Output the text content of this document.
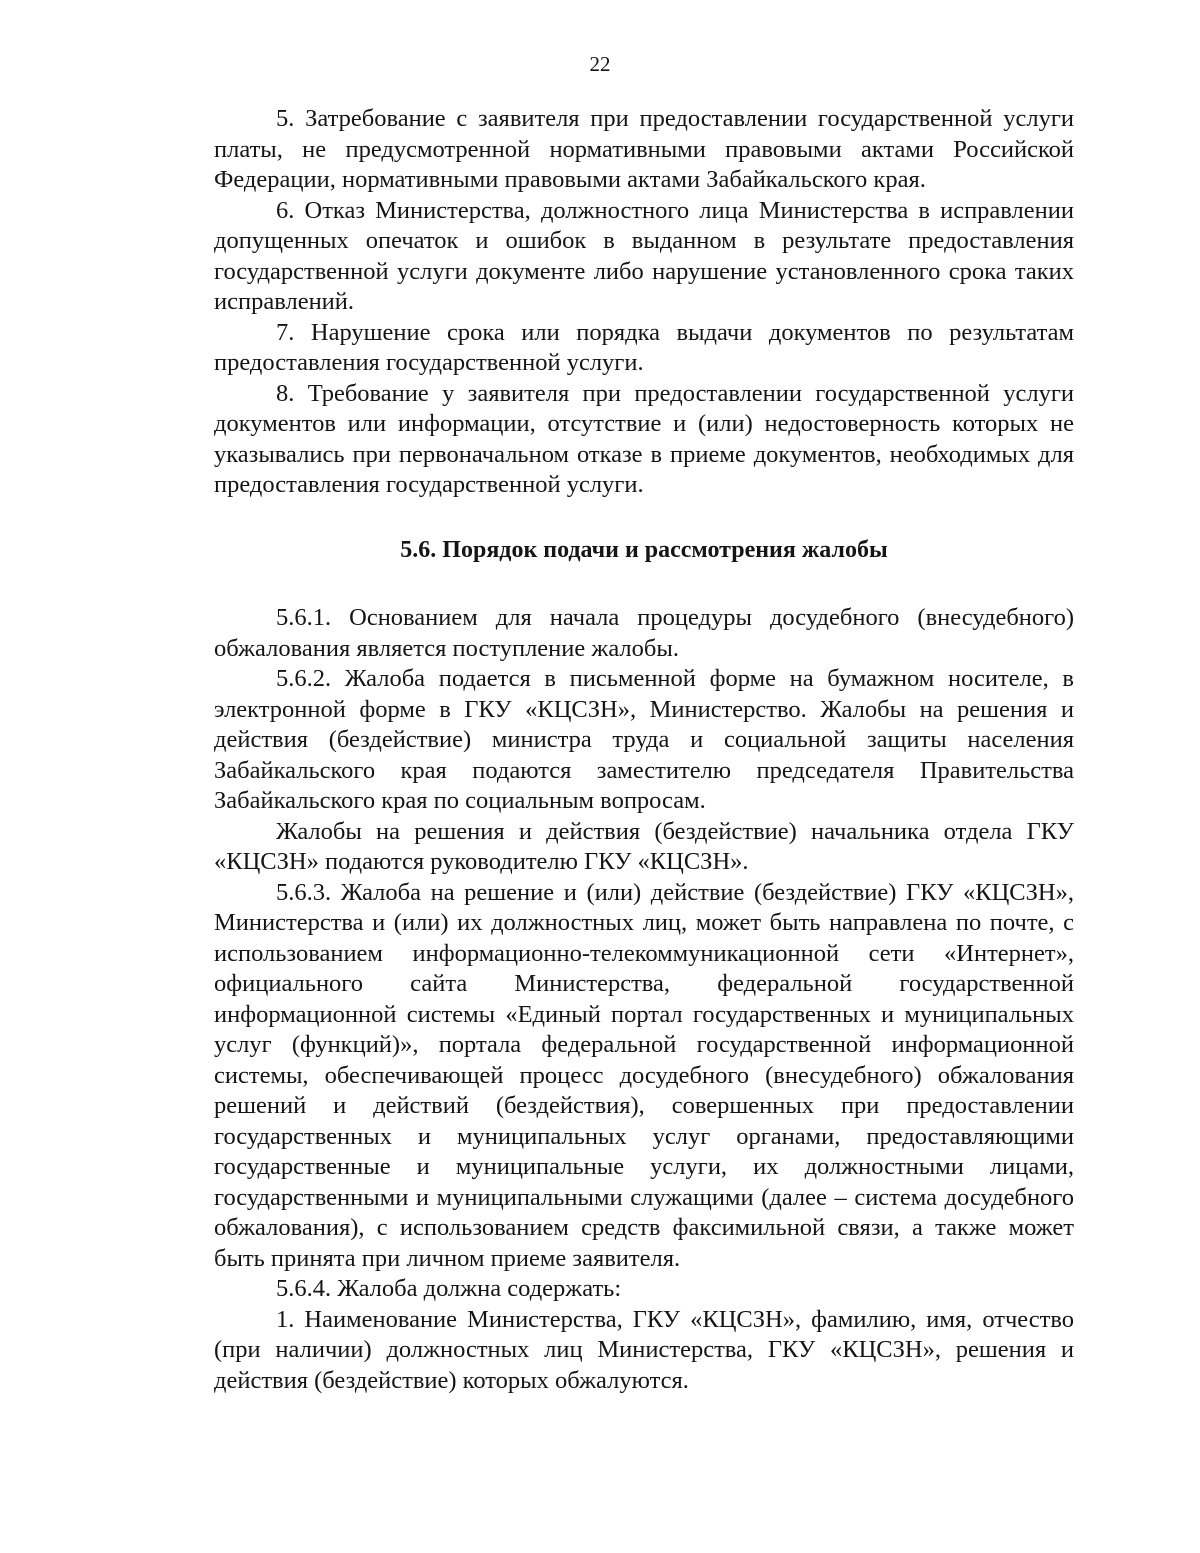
22

5. Затребование с заявителя при предоставлении государственной услуги платы, не предусмотренной нормативными правовыми актами Российской Федерации, нормативными правовыми актами Забайкальского края.

6. Отказ Министерства, должностного лица Министерства в исправлении допущенных опечаток и ошибок в выданном в результате предоставления государственной услуги документе либо нарушение установленного срока таких исправлений.

7. Нарушение срока или порядка выдачи документов по результатам предоставления государственной услуги.

8. Требование у заявителя при предоставлении государственной услуги документов или информации, отсутствие и (или) недостоверность которых не указывались при первоначальном отказе в приеме документов, необходимых для предоставления государственной услуги.

5.6. Порядок подачи и рассмотрения жалобы

5.6.1. Основанием для начала процедуры досудебного (внесудебного) обжалования является поступление жалобы.

5.6.2. Жалоба подается в письменной форме на бумажном носителе, в электронной форме в ГКУ «КЦСЗН», Министерство. Жалобы на решения и действия (бездействие) министра труда и социальной защиты населения Забайкальского края подаются заместителю председателя Правительства Забайкальского края по социальным вопросам.

Жалобы на решения и действия (бездействие) начальника отдела ГКУ «КЦСЗН» подаются руководителю ГКУ «КЦСЗН».

5.6.3. Жалоба на решение и (или) действие (бездействие) ГКУ «КЦСЗН», Министерства и (или) их должностных лиц, может быть направлена по почте, с использованием информационно-телекоммуникационной сети «Интернет», официального сайта Министерства, федеральной государственной информационной системы «Единый портал государственных и муниципальных услуг (функций)», портала федеральной государственной информационной системы, обеспечивающей процесс досудебного (внесудебного) обжалования решений и действий (бездействия), совершенных при предоставлении государственных и муниципальных услуг органами, предоставляющими государственные и муниципальные услуги, их должностными лицами, государственными и муниципальными служащими (далее – система досудебного обжалования), с использованием средств факсимильной связи, а также может быть принята при личном приеме заявителя.

5.6.4. Жалоба должна содержать:

1. Наименование Министерства, ГКУ «КЦСЗН», фамилию, имя, отчество (при наличии) должностных лиц Министерства, ГКУ «КЦСЗН», решения и действия (бездействие) которых обжалуются.
